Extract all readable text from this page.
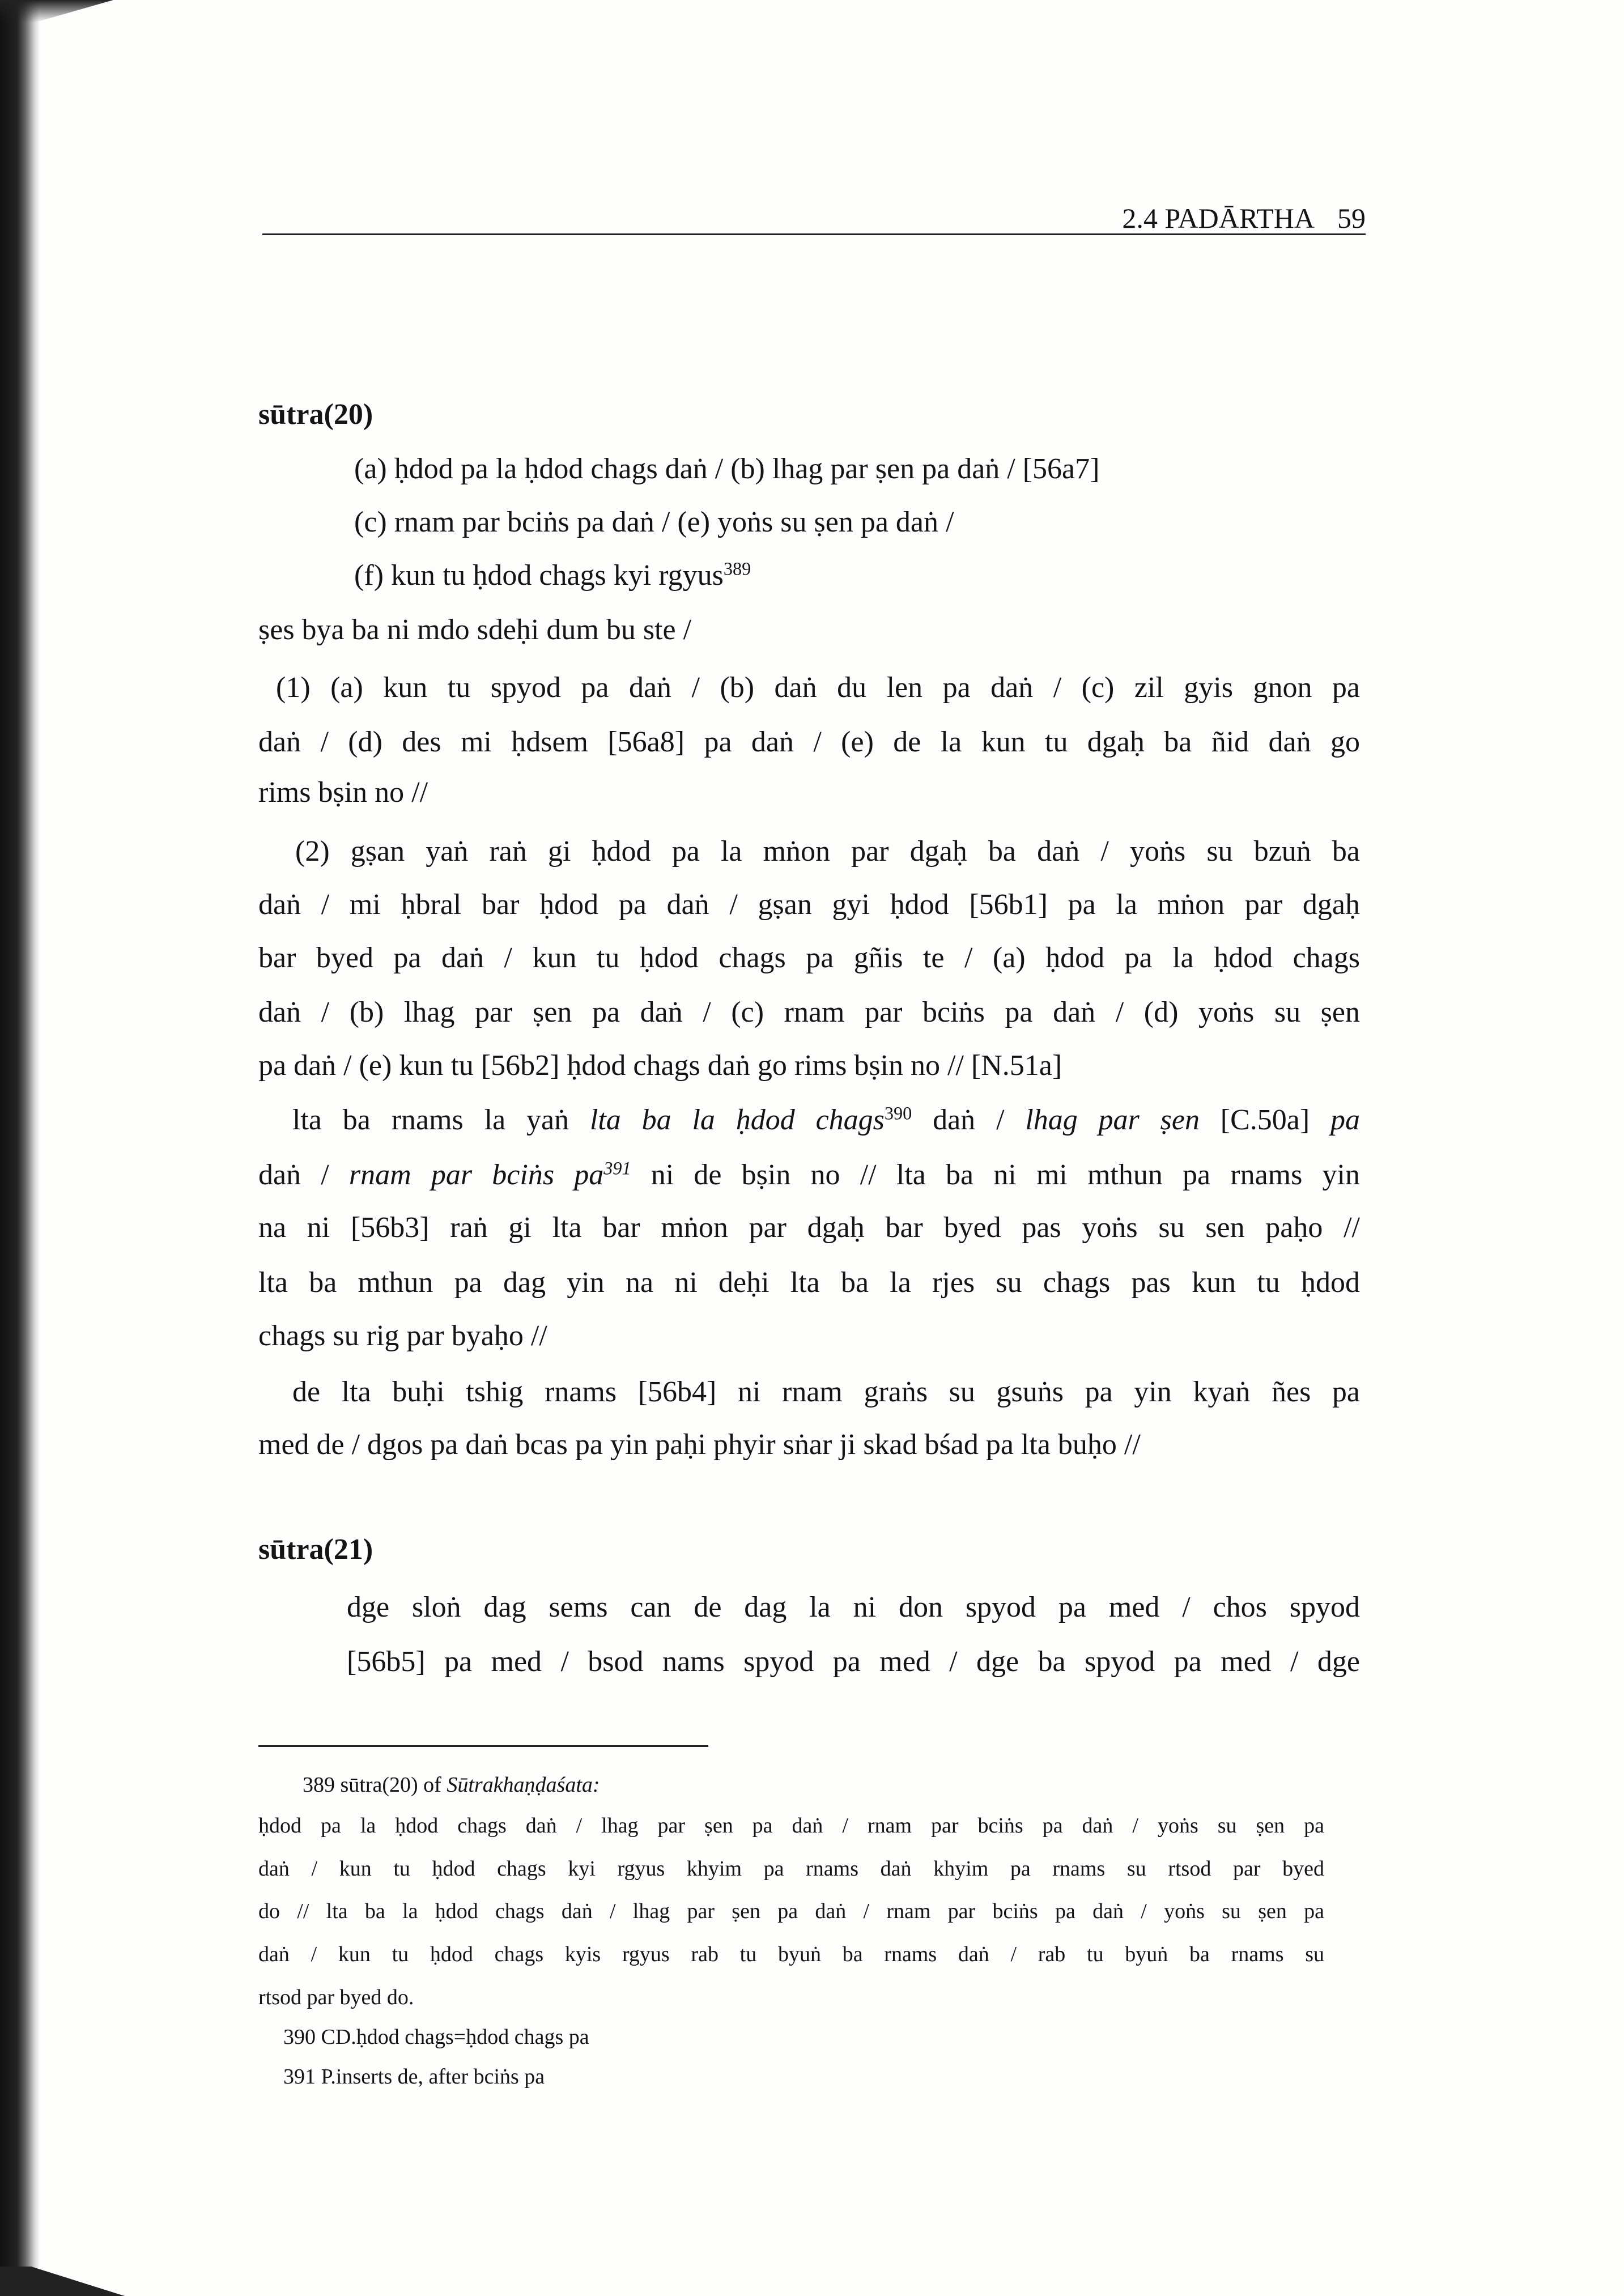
2.4 PADĀRTHA 59
sūtra(20)
(a) ḥdod pa la ḥdod chags daṅ / (b) lhag par ṣen pa daṅ / [56a7]
(c) rnam par bciṅs pa daṅ / (e) yoṅs su ṣen pa daṅ /
(f) kun tu ḥdod chags kyi rgyus$^{389}$
ṣes bya ba ni mdo sdeḥi dum bu ste /
(1) (a) kun tu spyod pa daṅ / (b) daṅ du len pa daṅ / (c) zil gyis gnon pa
daṅ / (d) des mi ḥdsem [56a8] pa daṅ / (e) de la kun tu dgaḥ ba ñid daṅ go
rims bṣin no //
(2) gṣan yaṅ raṅ gi ḥdod pa la mṅon par dgaḥ ba daṅ / yoṅs su bzuṅ ba
daṅ / mi ḥbral bar ḥdod pa daṅ / gṣan gyi ḥdod [56b1] pa la mṅon par dgaḥ
bar byed pa daṅ / kun tu ḥdod chags pa gñis te / (a) ḥdod pa la ḥdod chags
daṅ / (b) lhag par ṣen pa daṅ / (c) rnam par bciṅs pa daṅ / (d) yoṅs su ṣen
pa daṅ / (e) kun tu [56b2] ḥdod chags daṅ go rims bṣin no // [N.51a]
lta ba rnams la yaṅ lta ba la ḥdod chags$^{390}$ daṅ / lhag par ṣen [C.50a] pa
daṅ / rnam par bciṅs $pa^{391}$ ni de bṣin no // lta ba ni mi mthun pa rnams yin
na ni [56b3] raṅ gi lta bar mṅon par dgaḥ bar byed pas yoṅs su sen paḥo //
lta ba mthun pa dag yin na ni deḥi lta ba la rjes su chags pas kun tu ḥdod
chags su rig par byaḥo //
de lta buḥi tshig rnams [56b4] ni rnam graṅs su gsuṅs pa yin kyaṅ ñes pa
med de / dgos pa daṅ bcas pa yin paḥi phyir sṅar ji skad bśad pa lta buḥo //
sūtra(21)
dge sloṅ dag sems can de dag la ni don spyod pa med / chos spyod
[56b5] pa med / bsod nams spyod pa med / dge ba spyod pa med / dge
389 sūtra(20) of Sūtrakhaṇḍaśata:
ḥdod pa la ḥdod chags daṅ / lhag par ṣen pa daṅ / rnam par bciṅs pa daṅ / yoṅs su ṣen pa
daṅ / kun tu ḥdod chags kyi rgyus khyim pa rnams daṅ khyim pa rnams su rtsod par byed
do // lta ba la ḥdod chags daṅ / lhag par ṣen pa daṅ / rnam par bciṅs pa daṅ / yoṅs su ṣen pa
daṅ / kun tu ḥdod chags kyis rgyus rab tu byuṅ ba rnams daṅ / rab tu byuṅ ba rnams su
rtsod par byed do.
390 CD.ḥdod chags=ḥdod chags pa
391 P.inserts de, after bciṅs pa
